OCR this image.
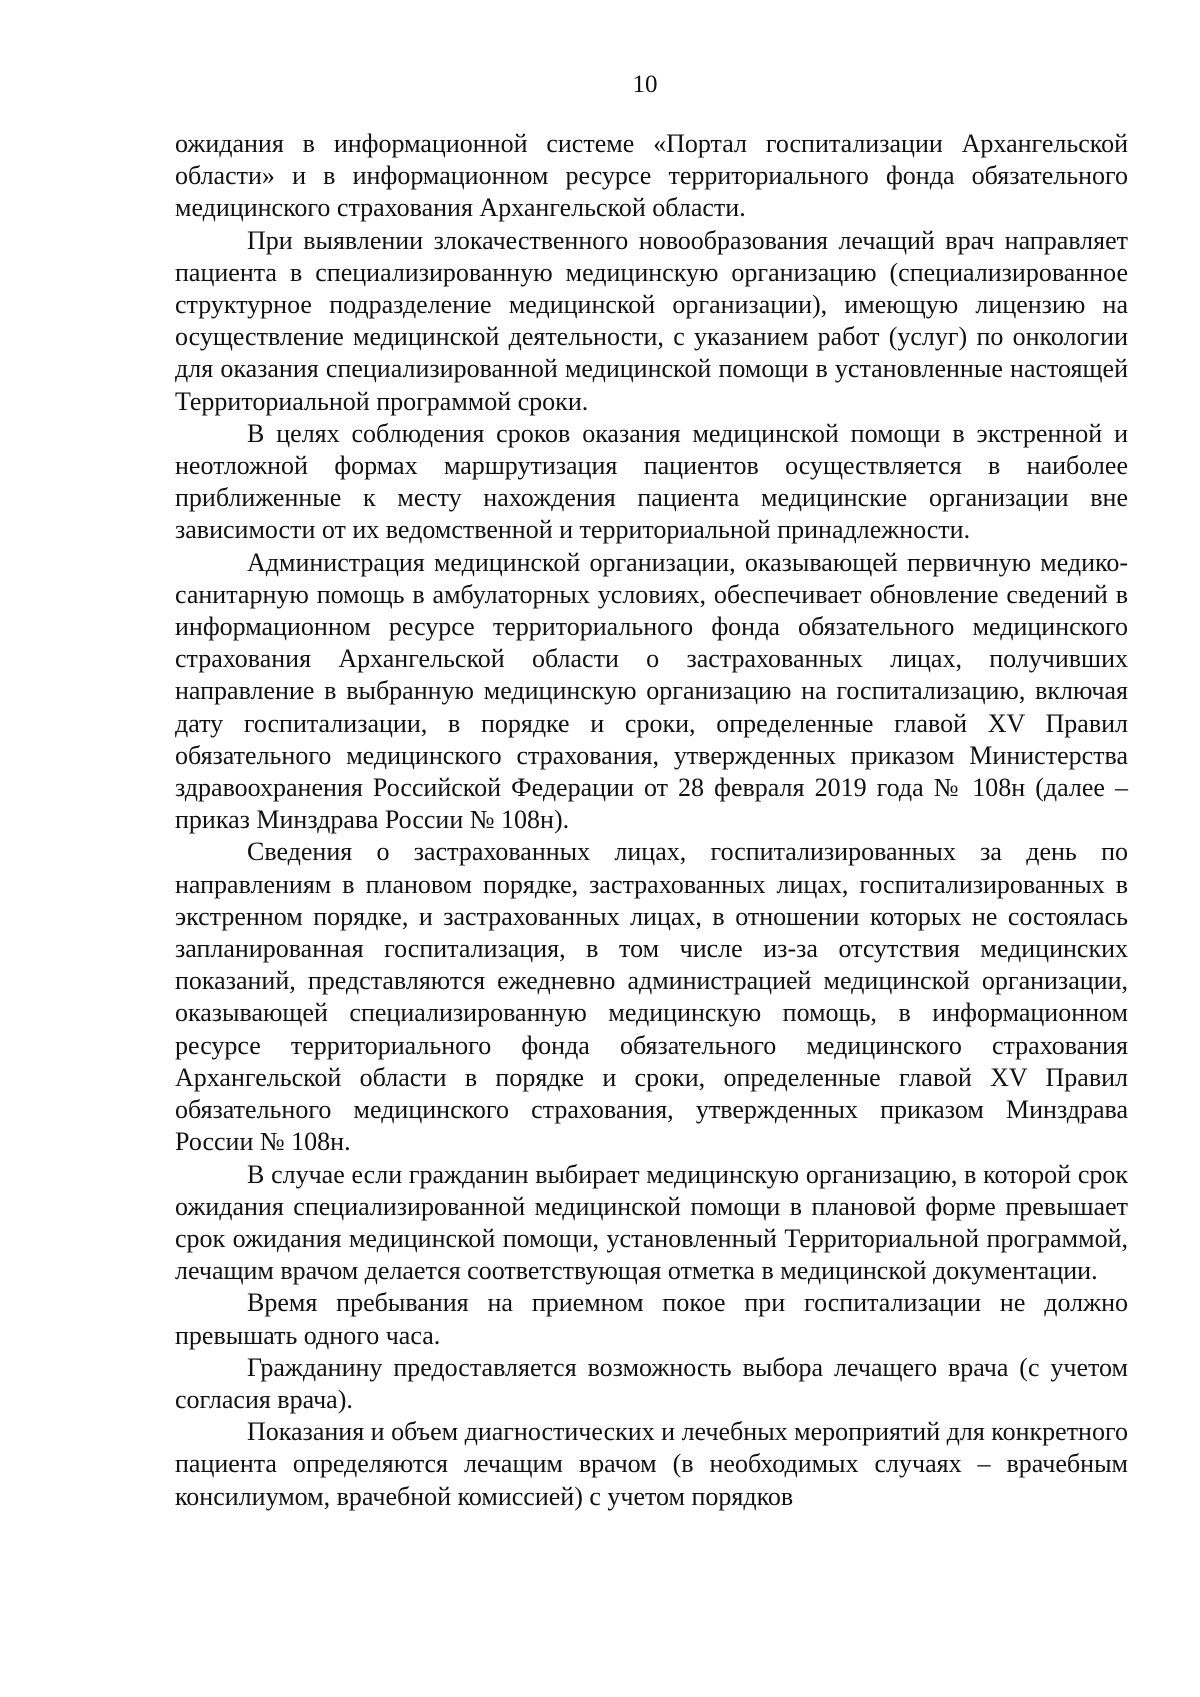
10

ожидания в информационной системе «Портал госпитализации Архангельской области» и в информационном ресурсе территориального фонда обязательного медицинского страхования Архангельской области.

При выявлении злокачественного новообразования лечащий врач направляет пациента в специализированную медицинскую организацию (специализированное структурное подразделение медицинской организации), имеющую лицензию на осуществление медицинской деятельности, с указанием работ (услуг) по онкологии для оказания специализированной медицинской помощи в установленные настоящей Территориальной программой сроки.

В целях соблюдения сроков оказания медицинской помощи в экстренной и неотложной формах маршрутизация пациентов осуществляется в наиболее приближенные к месту нахождения пациента медицинские организации вне зависимости от их ведомственной и территориальной принадлежности.

Администрация медицинской организации, оказывающей первичную медико-санитарную помощь в амбулаторных условиях, обеспечивает обновление сведений в информационном ресурсе территориального фонда обязательного медицинского страхования Архангельской области о застрахованных лицах, получивших направление в выбранную медицинскую организацию на госпитализацию, включая дату госпитализации, в порядке и сроки, определенные главой XV Правил обязательного медицинского страхования, утвержденных приказом Министерства здравоохранения Российской Федерации от 28 февраля 2019 года № 108н (далее – приказ Минздрава России № 108н).

Сведения о застрахованных лицах, госпитализированных за день по направлениям в плановом порядке, застрахованных лицах, госпитализированных в экстренном порядке, и застрахованных лицах, в отношении которых не состоялась запланированная госпитализация, в том числе из-за отсутствия медицинских показаний, представляются ежедневно администрацией медицинской организации, оказывающей специализированную медицинскую помощь, в информационном ресурсе территориального фонда обязательного медицинского страхования Архангельской области в порядке и сроки, определенные главой XV Правил обязательного медицинского страхования, утвержденных приказом Минздрава России № 108н.

В случае если гражданин выбирает медицинскую организацию, в которой срок ожидания специализированной медицинской помощи в плановой форме превышает срок ожидания медицинской помощи, установленный Территориальной программой, лечащим врачом делается соответствующая отметка в медицинской документации.

Время пребывания на приемном покое при госпитализации не должно превышать одного часа.

Гражданину предоставляется возможность выбора лечащего врача (с учетом согласия врача).

Показания и объем диагностических и лечебных мероприятий для конкретного пациента определяются лечащим врачом (в необходимых случаях – врачебным консилиумом, врачебной комиссией) с учетом порядков
